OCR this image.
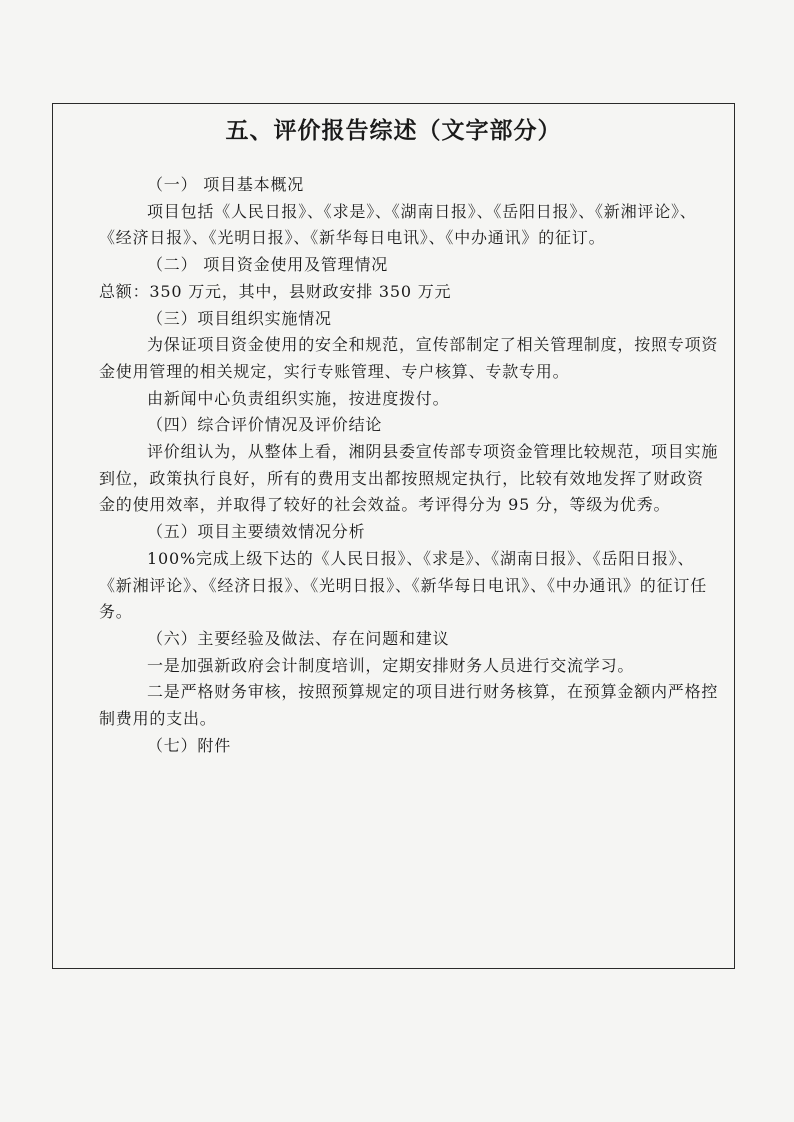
五、评价报告综述（文字部分）

（一） 项目基本概况

项目包括《人民日报》、《求是》、《湖南日报》、《岳阳日报》、《新湘评论》、《经济日报》、《光明日报》、《新华每日电讯》、《中办通讯》的征订。

（二） 项目资金使用及管理情况

总额：350 万元，其中，县财政安排 350 万元

（三）项目组织实施情况

为保证项目资金使用的安全和规范，宣传部制定了相关管理制度，按照专项资金使用管理的相关规定，实行专账管理、专户核算、专款专用。

由新闻中心负责组织实施，按进度拨付。

（四）综合评价情况及评价结论

评价组认为，从整体上看，湘阴县委宣传部专项资金管理比较规范，项目实施到位，政策执行良好，所有的费用支出都按照规定执行，比较有效地发挥了财政资金的使用效率，并取得了较好的社会效益。考评得分为 95 分，等级为优秀。

（五）项目主要绩效情况分析

100%完成上级下达的《人民日报》、《求是》、《湖南日报》、《岳阳日报》、《新湘评论》、《经济日报》、《光明日报》、《新华每日电讯》、《中办通讯》的征订任务。

（六）主要经验及做法、存在问题和建议

一是加强新政府会计制度培训，定期安排财务人员进行交流学习。

二是严格财务审核，按照预算规定的项目进行财务核算，在预算金额内严格控制费用的支出。

（七）附件
